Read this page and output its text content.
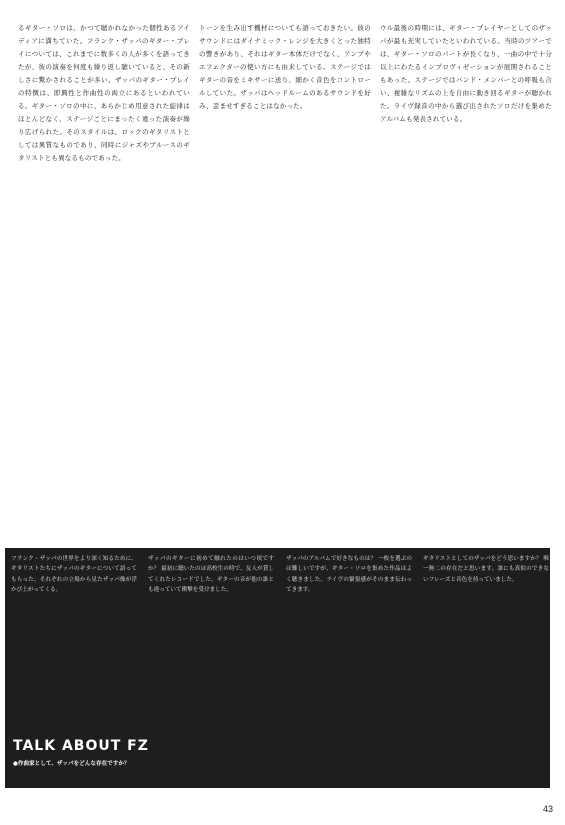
るギター・ソロは、かつて聴かれなかった個性あるアイディアに満ちていた。フランク・ザッパのギター・プレイについては、これまでに数多くの人が多くを語ってきたが、彼の演奏を何度も繰り返し聴いていると、その新しさに驚かされることが多い。ザッパのギター・プレイの特徴は、即興性と作曲性の両立にあるといわれている。ギター・ソロの中に、あらかじめ用意された旋律はほとんどなく、ステージごとにまったく違った演奏が繰り広げられた。そのスタイルは、ロックのギタリストとしては異質なものであり、同時にジャズやブルースのギタリストとも異なるものであった。

トーンを生み出す機材についても語っておきたい。彼のサウンドにはダイナミック・レンジを大きくとった独特の響きがあり、それはギター本体だけでなく、アンプやエフェクターの使い方にも由来している。ステージではギターの音をミキサーに送り、細かく音色をコントロールしていた。ザッパはヘッドルームのあるサウンドを好み、歪ませすぎることはなかった。

ウル最後の時期には、ギター・プレイヤーとしてのザッパが最も充実していたといわれている。当時のツアーでは、ギター・ソロのパートが長くなり、一曲の中で十分以上にわたるインプロヴィゼーションが展開されることもあった。ステージではバンド・メンバーとの呼吸も合い、複雑なリズムの上を自由に動き回るギターが聴かれた。ライヴ録音の中から選び出されたソロだけを集めたアルバムも発表されている。

フランク・ザッパの世界をより深く知るために、ギタリストたちにザッパのギターについて語ってもらった。それぞれの立場から見たザッパ像が浮かび上がってくる。

ザッパのギターに初めて触れたのはいつ頃ですか？ 最初に聴いたのは高校生の時で、友人が貸してくれたレコードでした。ギターの音が他の誰とも違っていて衝撃を受けました。

ザッパのアルバムで好きなものは？ 一枚を選ぶのは難しいですが、ギター・ソロを集めた作品はよく聴きました。ライヴの緊張感がそのまま伝わってきます。

ギタリストとしてのザッパをどう思いますか？ 唯一無二の存在だと思います。誰にも真似のできないフレーズと音色を持っていました。

TALK ABOUT FZ
●作曲家として、ザッパをどんな存在ですか？
43
